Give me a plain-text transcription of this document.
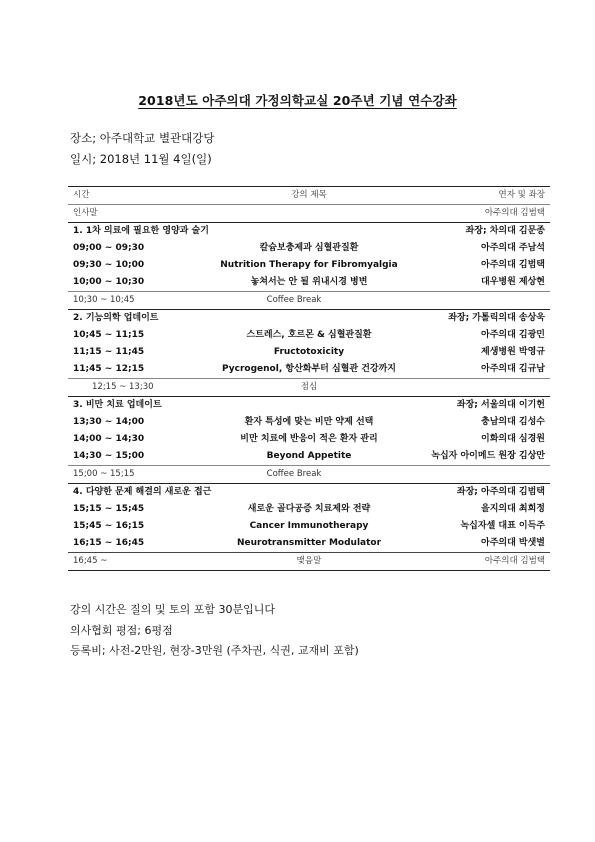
2018년도 아주의대 가정의학교실 20주년 기념 연수강좌
장소; 아주대학교 별관대강당
일시; 2018년 11월 4일(일)
시간	강의 제목	연자 및 좌장
인사말	아주의대 김범택
1. 1차 의료에 필요한 영양과 술기	좌장; 차의대 김문종
09;00 ~ 09;30	칼슘보충제과 심혈관질환	아주의대 주남석
09;30 ~ 10;00	Nutrition Therapy for Fibromyalgia	아주의대 김범택
10;00 ~ 10;30	놓쳐서는 안 될 위내시경 병변	대우병원 제상현
10;30 ~ 10;45	Coffee Break
2. 기능의학 업데이트	좌장; 가톨릭의대 송상욱
10;45 ~ 11;15	스트레스, 호르몬 & 심혈관질환	아주의대 김광민
11;15 ~ 11;45	Fructotoxicity	제생병원 박영규
11;45 ~ 12;15	Pycrogenol, 항산화부터 심혈관 건강까지	아주의대 김규남
12;15 ~ 13;30	점심
3. 비만 치료 업데이트	좌장; 서울의대 이기헌
13;30 ~ 14;00	환자 특성에 맞는 비만 약제 선택	충남의대 김성수
14;00 ~ 14;30	비만 치료에 반응이 적은 환자 관리	이화의대 심경원
14;30 ~ 15;00	Beyond Appetite	녹십자 아이메드 원장 김상만
15;00 ~ 15;15	Coffee Break
4. 다양한 문제 해결의 새로운 접근	좌장; 아주의대 김범택
15;15 ~ 15;45	새로운 골다공증 치료제와 전략	을지의대 최희정
15;45 ~ 16;15	Cancer Immunotherapy	녹십자셀 대표 이득주
16;15 ~ 16;45	Neurotransmitter Modulator	아주의대 박샛별
16;45 ~	맺음말	아주의대 김범택
강의 시간은 질의 및 토의 포함 30분입니다
의사협회 평점; 6평점
등록비; 사전-2만원, 현장-3만원 (주차권, 식권, 교재비 포함)
